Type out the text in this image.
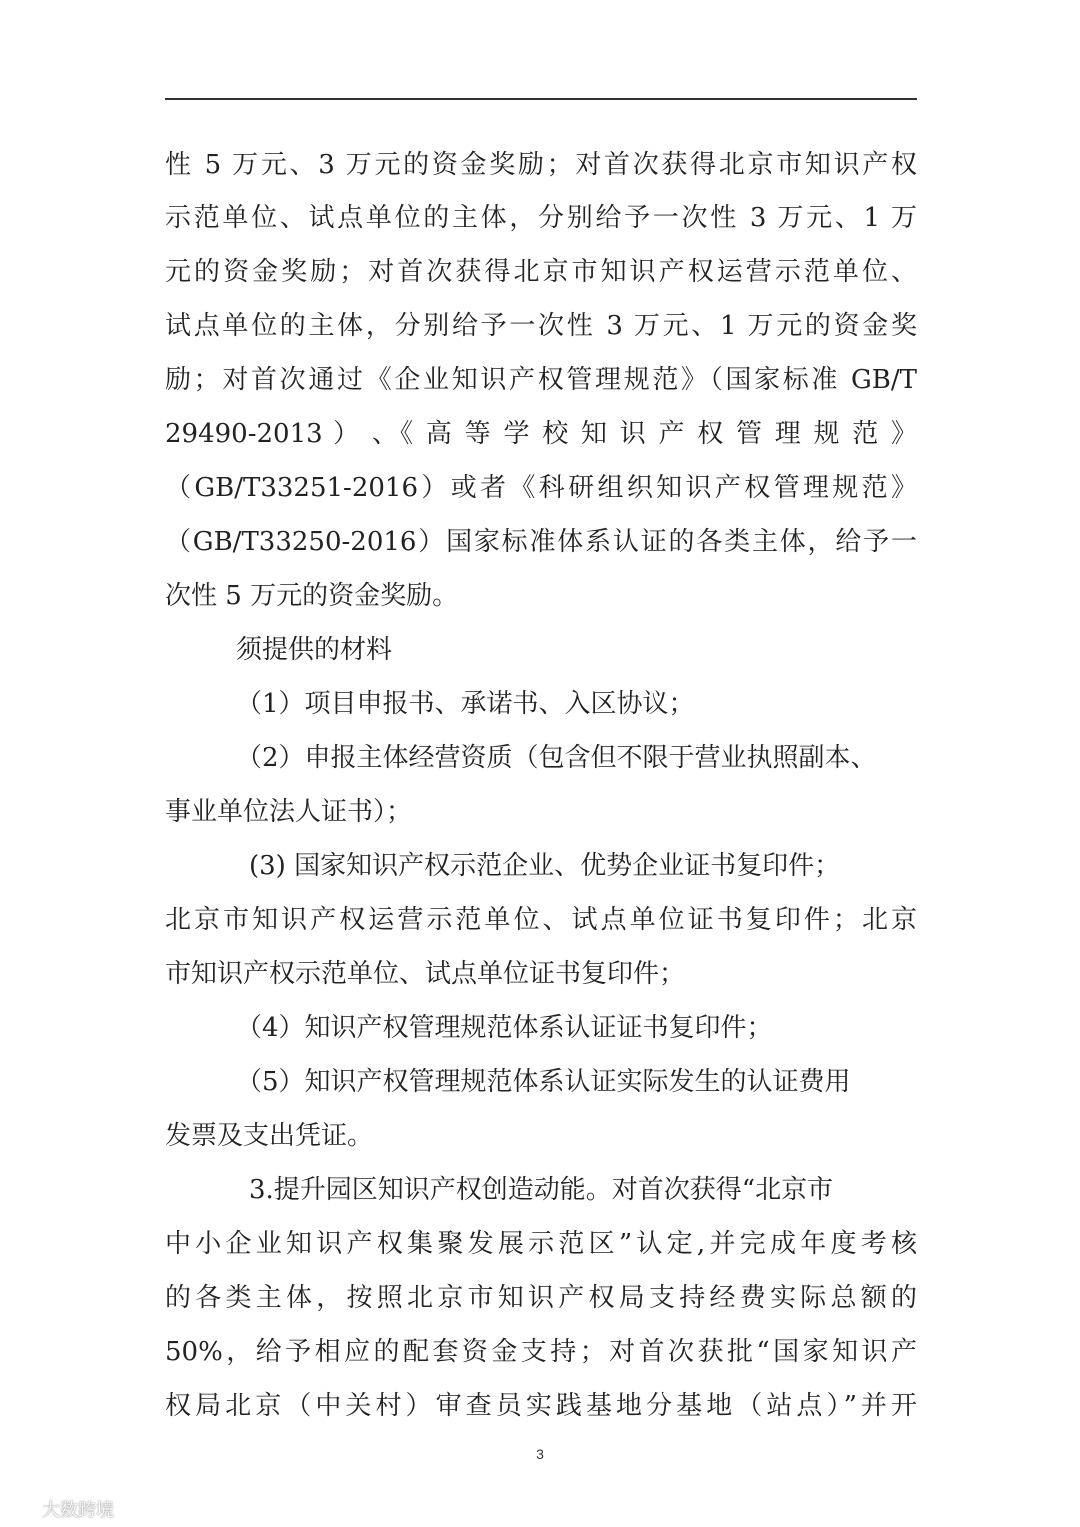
性 5 万元、3 万元的资金奖励；对首次获得北京市知识产权
示范单位、试点单位的主体，分别给予一次性 3 万元、1 万
元的资金奖励；对首次获得北京市知识产权运营示范单位、
试点单位的主体，分别给予一次性 3 万元、1 万元的资金奖
励；对首次通过《企业知识产权管理规范》（国家标准 GB/T
29490-2013 ） 、《 高 等 学 校 知 识 产 权 管 理 规 范 》
（GB/T33251-2016）或者《科研组织知识产权管理规范》
（GB/T33250-2016）国家标准体系认证的各类主体，给予一
次性 5 万元的资金奖励。
须提供的材料
（1）项目申报书、承诺书、入区协议；
（2）申报主体经营资质（包含但不限于营业执照副本、
事业单位法人证书）；
(3) 国家知识产权示范企业、优势企业证书复印件；
北京市知识产权运营示范单位、试点单位证书复印件；北京
市知识产权示范单位、试点单位证书复印件；
（4）知识产权管理规范体系认证证书复印件；
（5）知识产权管理规范体系认证实际发生的认证费用
发票及支出凭证。
3.提升园区知识产权创造动能。对首次获得“北京市
中小企业知识产权集聚发展示范区”认定,并完成年度考核
的各类主体，按照北京市知识产权局支持经费实际总额的
50%，给予相应的配套资金支持；对首次获批“国家知识产
权局北京（中关村）审查员实践基地分基地（站点）”并开
3
大数跨境
